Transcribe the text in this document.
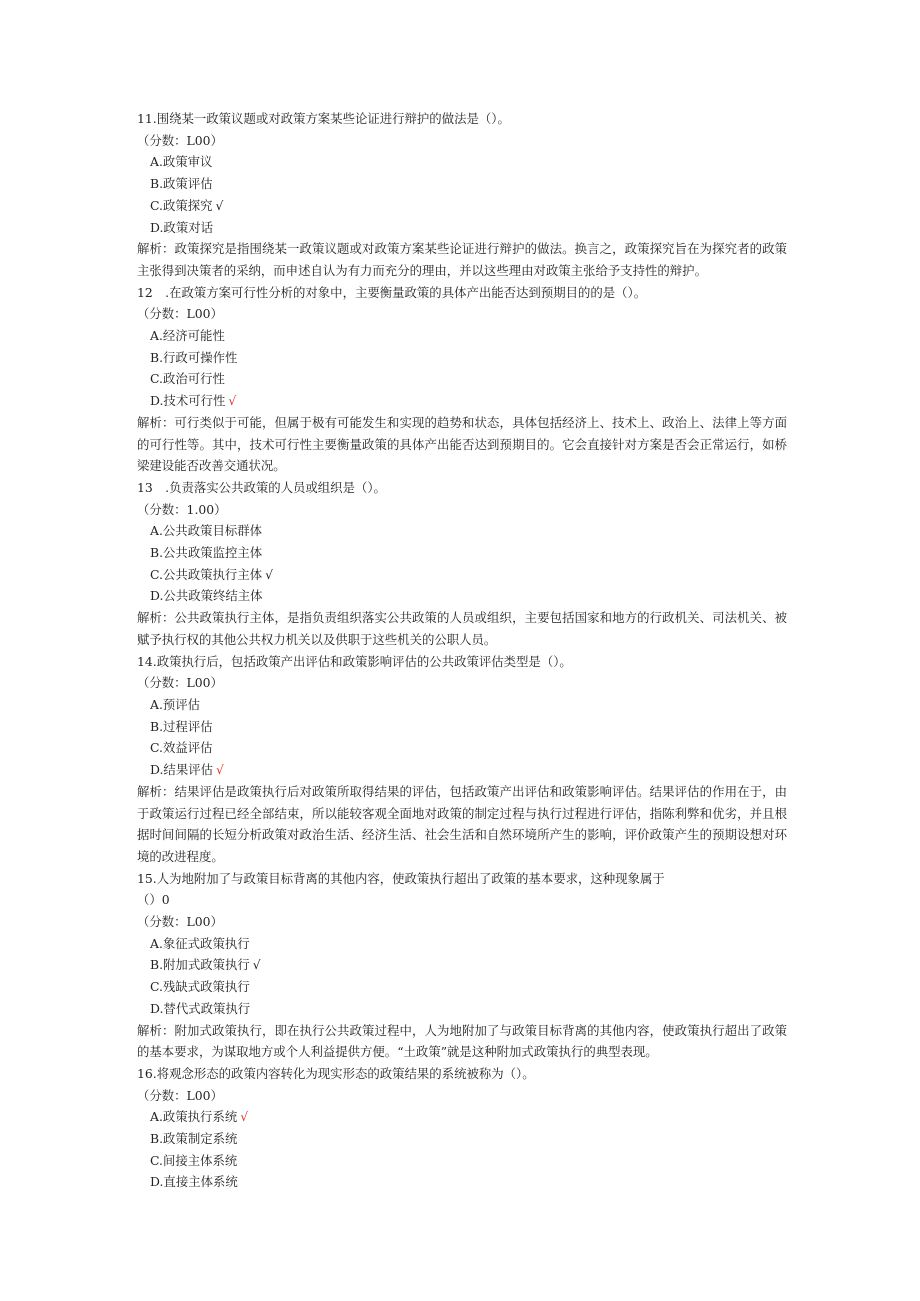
11.围绕某一政策议题或对政策方案某些论证进行辩护的做法是（）。
（分数：L00）
A.政策审议
B.政策评估
C.政策探究 √
D.政策对话
解析：政策探究是指围绕某一政策议题或对政策方案某些论证进行辩护的做法。换言之，政策探究旨在为探究者的政策主张得到决策者的采纳，而申述自认为有力而充分的理由，并以这些理由对政策主张给予支持性的辩护。
12　.在政策方案可行性分析的对象中，主要衡量政策的具体产出能否达到预期目的的是（）。
（分数：L00）
A.经济可能性
B.行政可操作性
C.政治可行性
D.技术可行性 √
解析：可行类似于可能，但属于极有可能发生和实现的趋势和状态，具体包括经济上、技术上、政治上、法律上等方面的可行性等。其中，技术可行性主要衡量政策的具体产出能否达到预期目的。它会直接针对方案是否会正常运行，如桥梁建设能否改善交通状况。
13　.负责落实公共政策的人员或组织是（）。
（分数：1.00）
A.公共政策目标群体
B.公共政策监控主体
C.公共政策执行主体 √
D.公共政策终结主体
解析：公共政策执行主体，是指负责组织落实公共政策的人员或组织，主要包括国家和地方的行政机关、司法机关、被赋予执行权的其他公共权力机关以及供职于这些机关的公职人员。
14.政策执行后，包括政策产出评估和政策影响评估的公共政策评估类型是（）。
（分数：L00）
A.预评估
B.过程评估
C.效益评估
D.结果评估 √
解析：结果评估是政策执行后对政策所取得结果的评估，包括政策产出评估和政策影响评估。结果评估的作用在于，由于政策运行过程已经全部结束，所以能较客观全面地对政策的制定过程与执行过程进行评估，指陈利弊和优劣，并且根据时间间隔的长短分析政策对政治生活、经济生活、社会生活和自然环境所产生的影响，评价政策产生的预期设想对环境的改进程度。
15.人为地附加了与政策目标背离的其他内容，使政策执行超出了政策的基本要求，这种现象属于
（）0
（分数：L00）
A.象征式政策执行
B.附加式政策执行 √
C.残缺式政策执行
D.替代式政策执行
解析：附加式政策执行，即在执行公共政策过程中，人为地附加了与政策目标背离的其他内容，使政策执行超出了政策的基本要求，为谋取地方或个人利益提供方便。“土政策”就是这种附加式政策执行的典型表现。
16.将观念形态的政策内容转化为现实形态的政策结果的系统被称为（）。
（分数：L00）
A.政策执行系统 √
B.政策制定系统
C.间接主体系统
D.直接主体系统
